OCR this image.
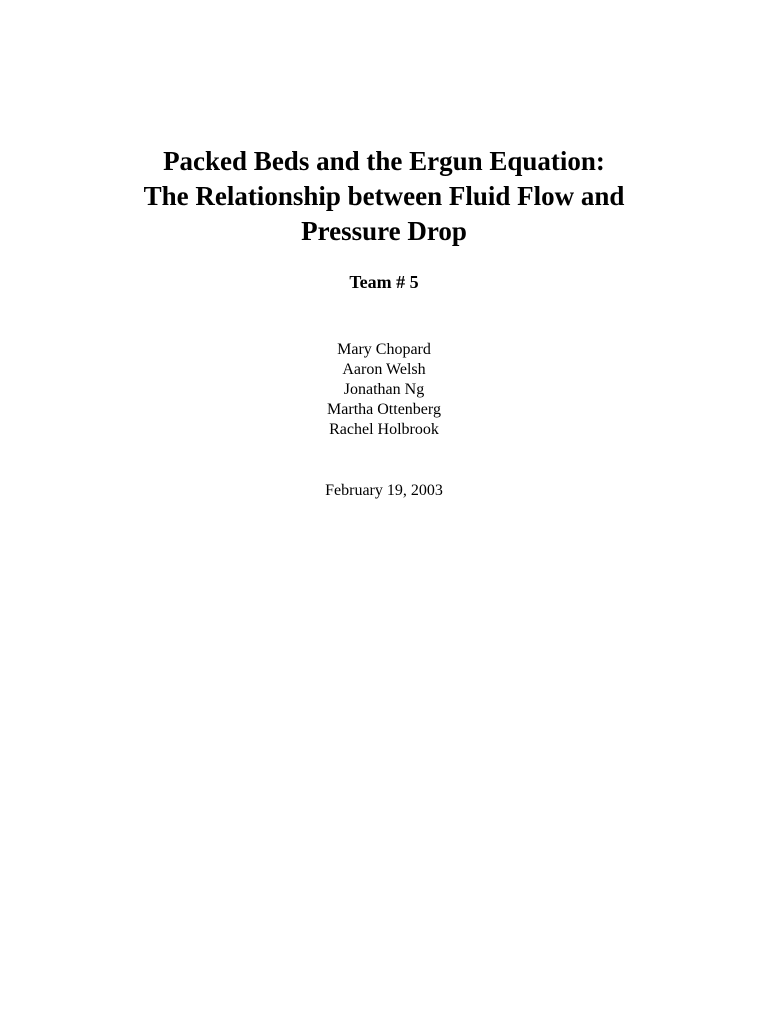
Packed Beds and the Ergun Equation:
The Relationship between Fluid Flow and
Pressure Drop
Team # 5
Mary Chopard
Aaron Welsh
Jonathan Ng
Martha Ottenberg
Rachel Holbrook
February 19, 2003
